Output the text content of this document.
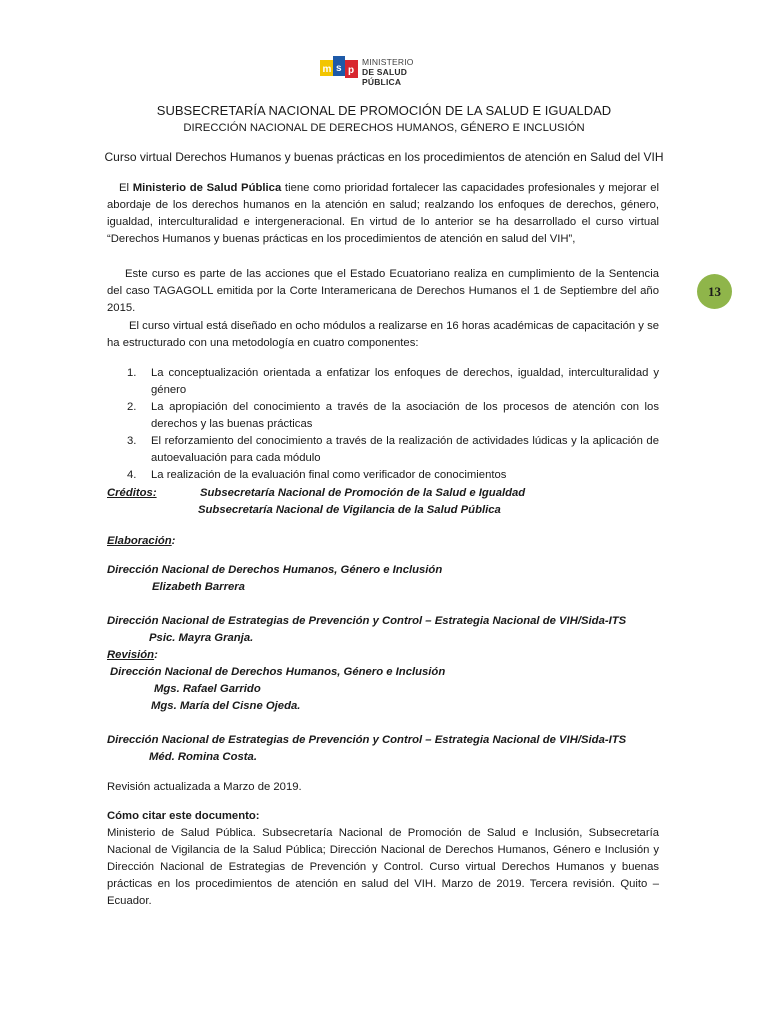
m s p
MINISTERIO
DE SALUD PÚBLICA
SUBSECRETARÍA NACIONAL DE PROMOCIÓN DE LA SALUD E IGUALDAD
DIRECCIÓN NACIONAL DE DERECHOS HUMANOS, GÉNERO E INCLUSIÓN
Curso virtual Derechos Humanos y buenas prácticas en los procedimientos de atención en Salud del VIH
13
El Ministerio de Salud Pública tiene como prioridad fortalecer las capacidades profesionales y mejorar el abordaje de los derechos humanos en la atención en salud; realzando los enfoques de derechos, género, igualdad, interculturalidad e intergeneracional. En virtud de lo anterior se ha desarrollado el curso virtual “Derechos Humanos y buenas prácticas en los procedimientos de atención en salud del VIH”,
Este curso es parte de las acciones que el Estado Ecuatoriano realiza en cumplimiento de la Sentencia del caso TAGAGOLL emitida por la Corte Interamericana de Derechos Humanos el 1 de Septiembre del año 2015.
El curso virtual está diseñado en ocho módulos a realizarse en 16 horas académicas de capacitación y se ha estructurado con una metodología en cuatro componentes:
1. La conceptualización orientada a enfatizar los enfoques de derechos, igualdad, interculturalidad y género
2. La apropiación del conocimiento a través de la asociación de los procesos de atención con los derechos y las buenas prácticas
3. El reforzamiento del conocimiento a través de la realización de actividades lúdicas y la aplicación de autoevaluación para cada módulo
4. La realización de la evaluación final como verificador de conocimientos
Créditos:	Subsecretaría Nacional de Promoción de la Salud e Igualdad
Subsecretaría Nacional de Vigilancia de la Salud Pública
Elaboración:
Dirección Nacional de Derechos Humanos, Género e Inclusión
Elizabeth Barrera
Dirección Nacional de Estrategias de Prevención y Control – Estrategia Nacional de VIH/Sida-ITS
Psic. Mayra Granja.
Revisión:
Dirección Nacional de Derechos Humanos, Género e Inclusión
Mgs. Rafael Garrido
Mgs. María del Cisne Ojeda.
Dirección Nacional de Estrategias de Prevención y Control – Estrategia Nacional de VIH/Sida-ITS
Méd. Romina Costa.
Revisión actualizada a Marzo de 2019.
Cómo citar este documento:
Ministerio de Salud Pública. Subsecretaría Nacional de Promoción de Salud e Inclusión, Subsecretaría Nacional de Vigilancia de la Salud Pública; Dirección Nacional de Derechos Humanos, Género e Inclusión y Dirección Nacional de Estrategias de Prevención y Control. Curso virtual Derechos Humanos y buenas prácticas en los procedimientos de atención en salud del VIH. Marzo de 2019. Tercera revisión. Quito – Ecuador.
